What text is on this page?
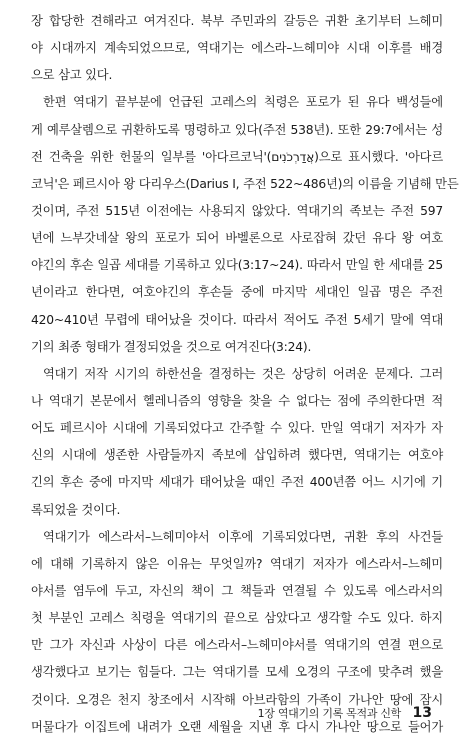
장 합당한 견해라고 여겨진다. 북부 주민과의 갈등은 귀환 초기부터 느헤미
야 시대까지 계속되었으므로, 역대기는 에스라–느헤미야 시대 이후를 배경
으로 삼고 있다.
한편 역대기 끝부분에 언급된 고레스의 칙령은 포로가 된 유다 백성들에
게 예루살렘으로 귀환하도록 명령하고 있다(주전 538년). 또한 29:7에서는 성
전 건축을 위한 헌물의 일부를 '아다르코닉'(אֲדַרְכֹנִים)으로 표시했다. '아다르
코닉'은 페르시아 왕 다리우스(Darius I, 주전 522~486년)의 이름을 기념해 만든
것이며, 주전 515년 이전에는 사용되지 않았다. 역대기의 족보는 주전 597
년에 느부갓네살 왕의 포로가 되어 바벨론으로 사로잡혀 갔던 유다 왕 여호
야긴의 후손 일곱 세대를 기록하고 있다(3:17~24). 따라서 만일 한 세대를 25
년이라고 한다면, 여호야긴의 후손들 중에 마지막 세대인 일곱 명은 주전
420~410년 무렵에 태어났을 것이다. 따라서 적어도 주전 5세기 말에 역대
기의 최종 형태가 결정되었을 것으로 여겨진다(3:24).
역대기 저작 시기의 하한선을 결정하는 것은 상당히 어려운 문제다. 그러
나 역대기 본문에서 헬레니즘의 영향을 찾을 수 없다는 점에 주의한다면 적
어도 페르시아 시대에 기록되었다고 간주할 수 있다. 만일 역대기 저자가 자
신의 시대에 생존한 사람들까지 족보에 삽입하려 했다면, 역대기는 여호야
긴의 후손 중에 마지막 세대가 태어났을 때인 주전 400년쯤 어느 시기에 기
록되었을 것이다.
역대기가 에스라서–느헤미야서 이후에 기록되었다면, 귀환 후의 사건들
에 대해 기록하지 않은 이유는 무엇일까? 역대기 저자가 에스라서–느헤미
야서를 염두에 두고, 자신의 책이 그 책들과 연결될 수 있도록 에스라서의
첫 부분인 고레스 칙령을 역대기의 끝으로 삼았다고 생각할 수도 있다. 하지
만 그가 자신과 사상이 다른 에스라서–느헤미야서를 역대기의 연결 편으로
생각했다고 보기는 힘들다. 그는 역대기를 모세 오경의 구조에 맞추려 했을
것이다. 오경은 천지 창조에서 시작해 아브라함의 가족이 가나안 땅에 잠시
머물다가 이집트에 내려가 오랜 세월을 지낸 후 다시 가나안 땅으로 들어가
1장 역대기의 기록 목적과 신학 13
